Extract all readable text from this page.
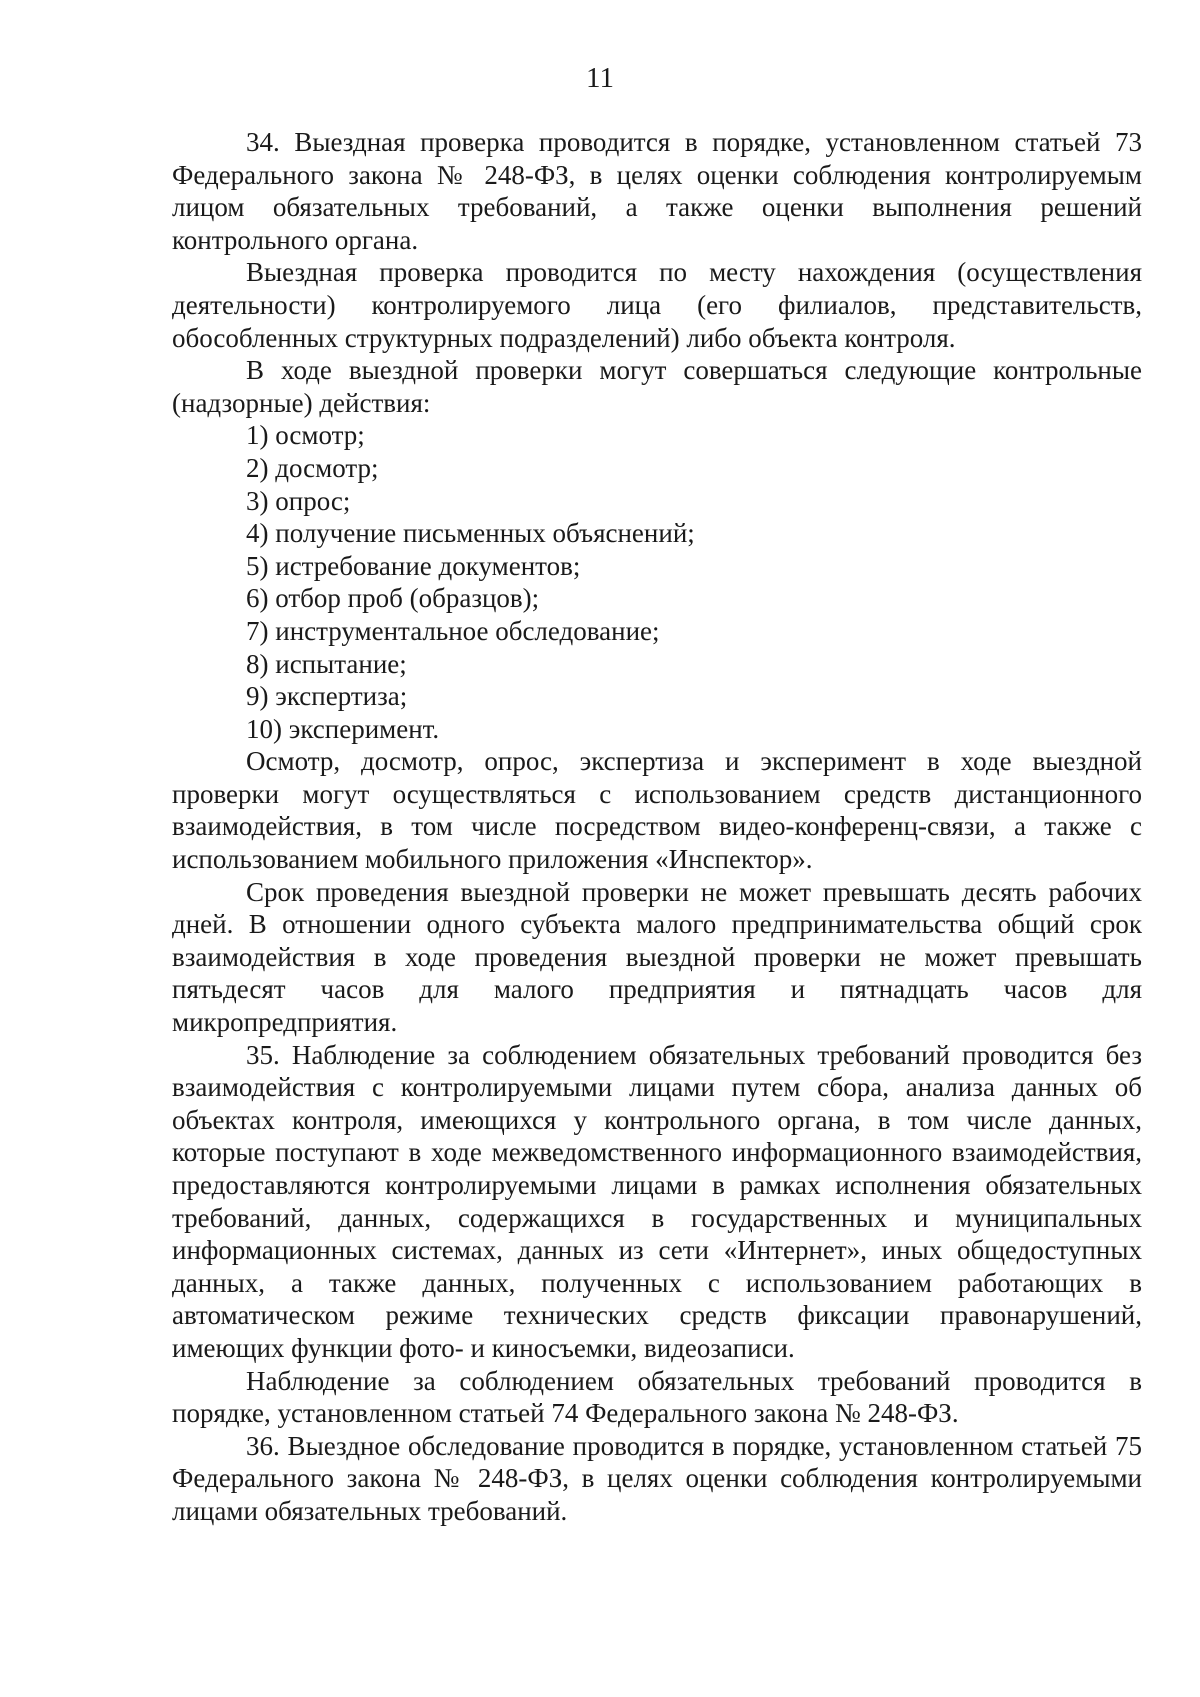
11

34. Выездная проверка проводится в порядке, установленном статьей 73 Федерального закона № 248-ФЗ, в целях оценки соблюдения контролируемым лицом обязательных требований, а также оценки выполнения решений контрольного органа.

Выездная проверка проводится по месту нахождения (осуществления деятельности) контролируемого лица (его филиалов, представительств, обособленных структурных подразделений) либо объекта контроля.

В ходе выездной проверки могут совершаться следующие контрольные (надзорные) действия:

1) осмотр;

2) досмотр;

3) опрос;

4) получение письменных объяснений;

5) истребование документов;

6) отбор проб (образцов);

7) инструментальное обследование;

8) испытание;

9) экспертиза;

10) эксперимент.

Осмотр, досмотр, опрос, экспертиза и эксперимент в ходе выездной проверки могут осуществляться с использованием средств дистанционного взаимодействия, в том числе посредством видео-конференц-связи, а также с использованием мобильного приложения «Инспектор».

Срок проведения выездной проверки не может превышать десять рабочих дней. В отношении одного субъекта малого предпринимательства общий срок взаимодействия в ходе проведения выездной проверки не может превышать пятьдесят часов для малого предприятия и пятнадцать часов для микропредприятия.

35. Наблюдение за соблюдением обязательных требований проводится без взаимодействия с контролируемыми лицами путем сбора, анализа данных об объектах контроля, имеющихся у контрольного органа, в том числе данных, которые поступают в ходе межведомственного информационного взаимодействия, предоставляются контролируемыми лицами в рамках исполнения обязательных требований, данных, содержащихся в государственных и муниципальных информационных системах, данных из сети «Интернет», иных общедоступных данных, а также данных, полученных с использованием работающих в автоматическом режиме технических средств фиксации правонарушений, имеющих функции фото- и киносъемки, видеозаписи.

Наблюдение за соблюдением обязательных требований проводится в порядке, установленном статьей 74 Федерального закона № 248-ФЗ.

36. Выездное обследование проводится в порядке, установленном статьей 75 Федерального закона № 248-ФЗ, в целях оценки соблюдения контролируемыми лицами обязательных требований.
